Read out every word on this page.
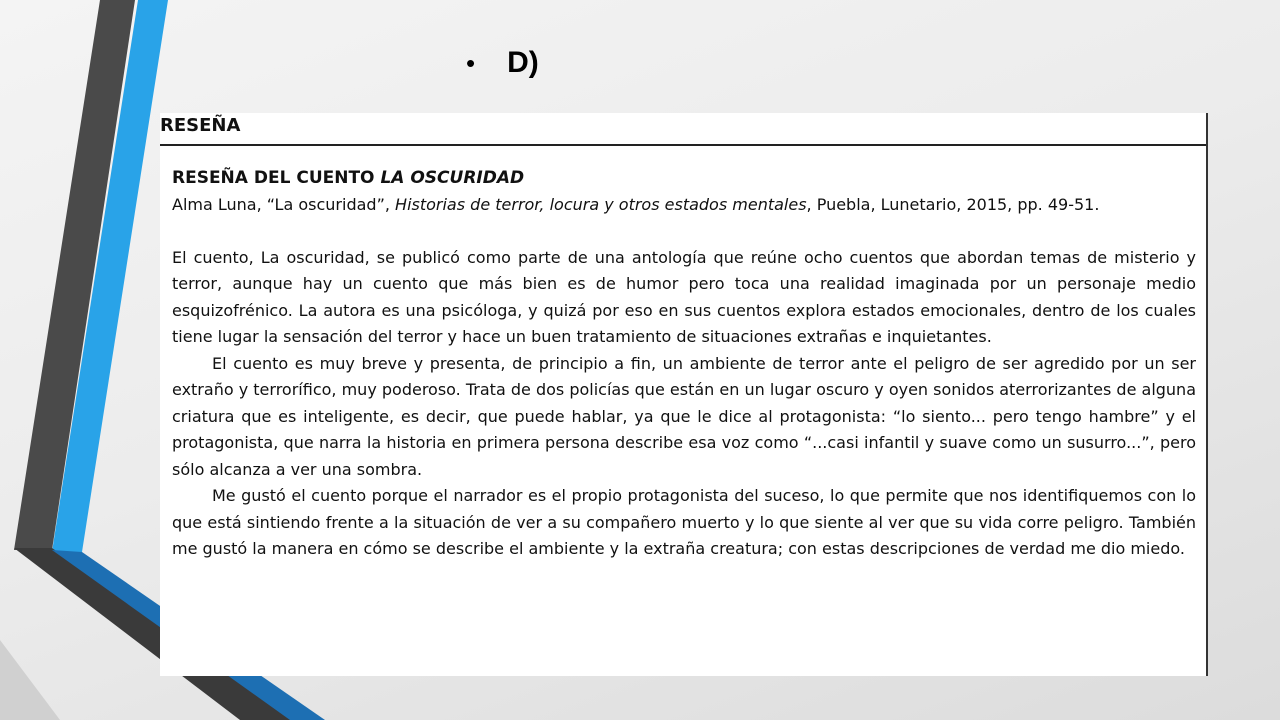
• D)
RESEÑA

RESEÑA DEL CUENTO LA OSCURIDAD

Alma Luna, “La oscuridad”, Historias de terror, locura y otros estados mentales, Puebla, Lunetario, 2015, pp. 49-51.

El cuento, La oscuridad, se publicó como parte de una antología que reúne ocho cuentos que abordan temas de misterio y terror, aunque hay un cuento que más bien es de humor pero toca una realidad imaginada por un personaje medio esquizofrénico. La autora es una psicóloga, y quizá por eso en sus cuentos explora estados emocionales, dentro de los cuales tiene lugar la sensación del terror y hace un buen tratamiento de situaciones extrañas e inquietantes.

El cuento es muy breve y presenta, de principio a fin, un ambiente de terror ante el peligro de ser agredido por un ser extraño y terrorífico, muy poderoso. Trata de dos policías que están en un lugar oscuro y oyen sonidos aterrorizantes de alguna criatura que es inteligente, es decir, que puede hablar, ya que le dice al protagonista: “lo siento... pero tengo hambre” y el protagonista, que narra la historia en primera persona describe esa voz como “...casi infantil y suave como un susurro...”, pero sólo alcanza a ver una sombra.

Me gustó el cuento porque el narrador es el propio protagonista del suceso, lo que permite que nos identifiquemos con lo que está sintiendo frente a la situación de ver a su compañero muerto y lo que siente al ver que su vida corre peligro. También me gustó la manera en cómo se describe el ambiente y la extraña creatura; con estas descripciones de verdad me dio miedo.
